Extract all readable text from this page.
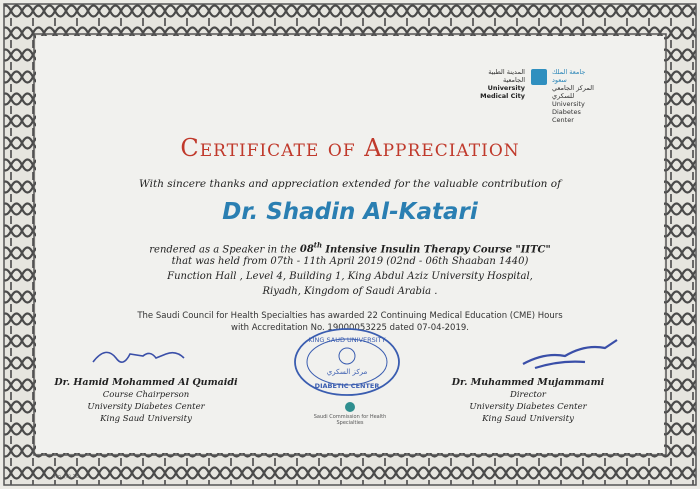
المدينة الطبية الجامعية
University Medical City
جامعة الملك سعود
المركز الجامعي للسكري
University Diabetes Center
Certificate of Appreciation
With sincere thanks and appreciation extended for the valuable contribution of
Dr. Shadin Al-Katari
rendered as a Speaker in the 08th Intensive Insulin Therapy Course "IITC"
that was held from 07th - 11th April 2019 (02nd - 06th Shaaban 1440)
Function Hall , Level 4, Building 1, King Abdul Aziz University Hospital,
Riyadh, Kingdom of Saudi Arabia .
The Saudi Council for Health Specialties has awarded 22 Continuing Medical Education (CME) Hours
with Accreditation No. 19000053225 dated 07-04-2019.
Dr. Hamid Mohammed Al Qumaidi
Course Chairperson
University Diabetes Center
King Saud University
KING SAUD UNIVERSITY
مركز السكري
DIABETIC CENTER
Saudi Commission for Health Specialties
Dr. Muhammed Mujammami
Director
University Diabetes Center
King Saud University
No. (0) 10
